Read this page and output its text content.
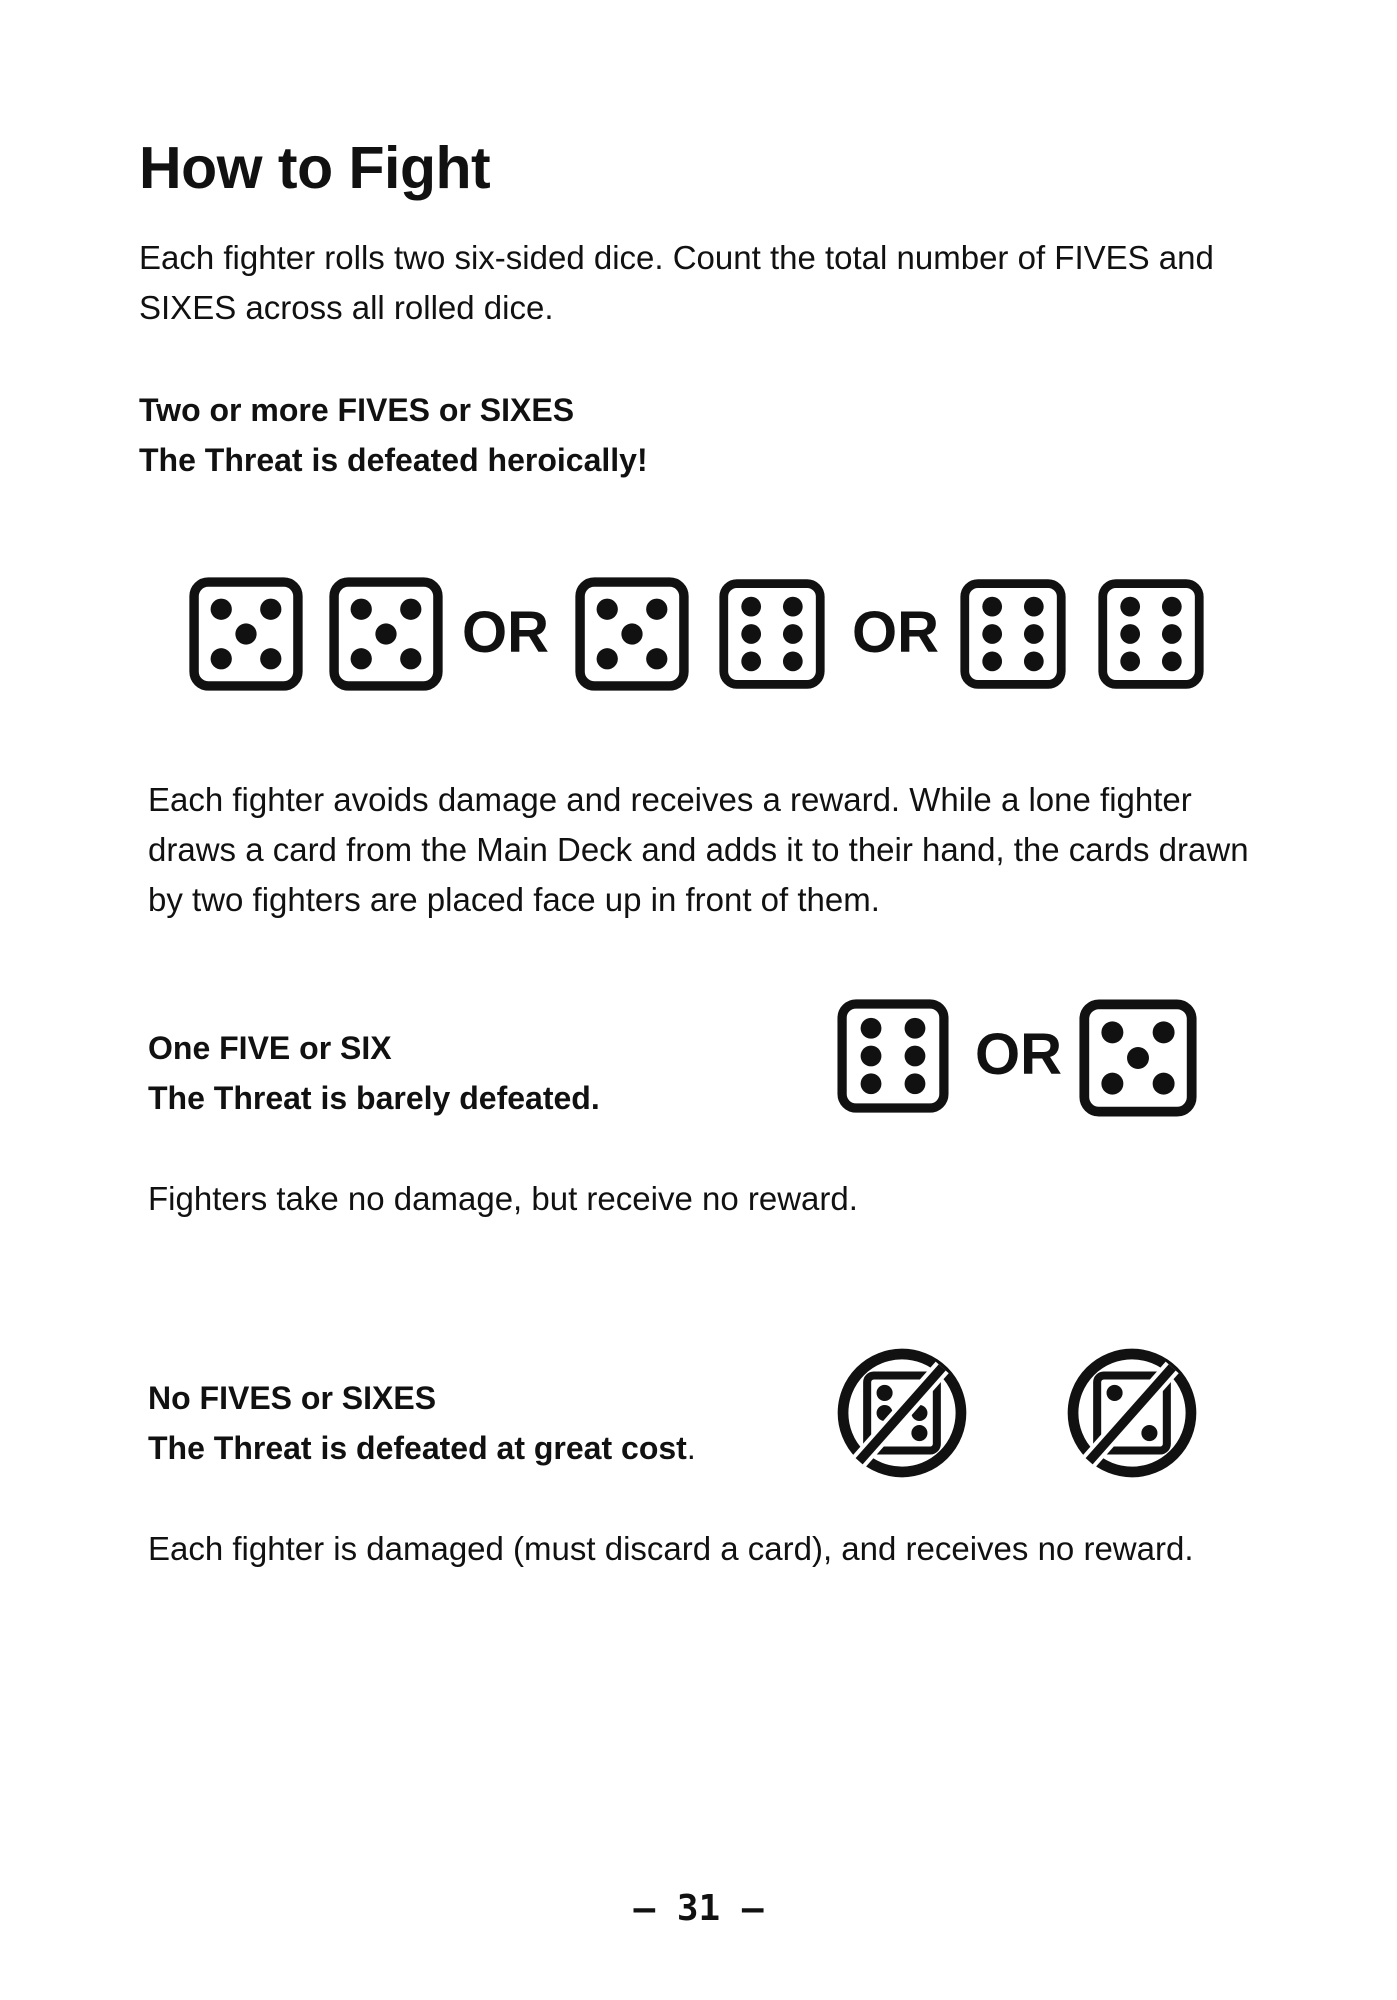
How to Fight
Each fighter rolls two six-sided dice. Count the total number of FIVES and SIXES across all rolled dice.
Two or more FIVES or SIXES
The Threat is defeated heroically!
OR	OR
Each fighter avoids damage and receives a reward. While a lone fighter draws a card from the Main Deck and adds it to their hand, the cards drawn by two fighters are placed face up in front of them.
One FIVE or SIX
The Threat is barely defeated.
OR
Fighters take no damage, but receive no reward.
No FIVES or SIXES
The Threat is defeated at great cost.
Each fighter is damaged (must discard a card), and receives no reward.
– 31 –
